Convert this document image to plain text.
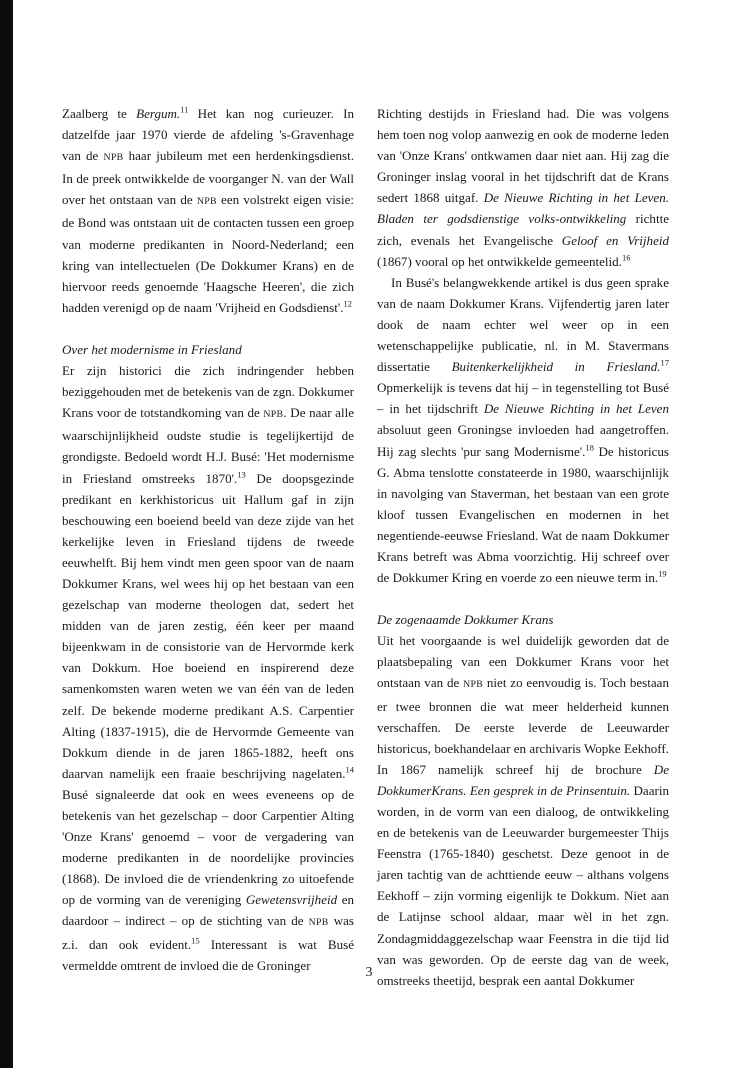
Zaalberg te Bergum.$^{11}$ Het kan nog curieuzer. In datzelfde jaar 1970 vierde de afdeling 's-Gravenhage van de NPB haar jubileum met een herdenkingsdienst. In de preek ontwikkelde de voorganger N. van der Wall over het ontstaan van de NPB een volstrekt eigen visie: de Bond was ontstaan uit de contacten tussen een groep van moderne predikanten in Noord-Nederland; een kring van intellectuelen (De Dokkumer Krans) en de hiervoor reeds genoemde 'Haagsche Heeren', die zich hadden verenigd op de naam 'Vrijheid en Godsdienst'.$^{12}$

Over het modernisme in Friesland

Er zijn historici die zich indringender hebben beziggehouden met de betekenis van de zgn. Dokkumer Krans voor de totstandkoming van de NPB. De naar alle waarschijnlijkheid oudste studie is tegelijkertijd de grondigste. Bedoeld wordt H.J. Busé: 'Het modernisme in Friesland omstreeks 1870'.$^{13}$ De doopsgezinde predikant en kerkhistoricus uit Hallum gaf in zijn beschouwing een boeiend beeld van deze zijde van het kerkelijke leven in Friesland tijdens de tweede eeuwhelft. Bij hem vindt men geen spoor van de naam Dokkumer Krans, wel wees hij op het bestaan van een gezelschap van moderne theologen dat, sedert het midden van de jaren zestig, één keer per maand bijeenkwam in de consistorie van de Hervormde kerk van Dokkum. Hoe boeiend en inspirerend deze samenkomsten waren weten we van één van de leden zelf. De bekende moderne predikant A.S. Carpentier Alting (1837-1915), die de Hervormde Gemeente van Dokkum diende in de jaren 1865-1882, heeft ons daarvan namelijk een fraaie beschrijving nagelaten.$^{14}$ Busé signaleerde dat ook en wees eveneens op de betekenis van het gezelschap – door Carpentier Alting 'Onze Krans' genoemd – voor de vergadering van moderne predikanten in de noordelijke provincies (1868). De invloed die de vriendenkring zo uitoefende op de vorming van de vereniging Gewetensvrijheid en daardoor – indirect – op de stichting van de NPB was z.i. dan ook evident.$^{15}$ Interessant is wat Busé vermeldde omtrent de invloed die de Groninger

Richting destijds in Friesland had. Die was volgens hem toen nog volop aanwezig en ook de moderne leden van 'Onze Krans' ontkwamen daar niet aan. Hij zag die Groninger inslag vooral in het tijdschrift dat de Krans sedert 1868 uitgaf. De Nieuwe Richting in het Leven. Bladen ter godsdienstige volks-ontwikkeling richtte zich, evenals het Evangelische Geloof en Vrijheid (1867) vooral op het ontwikkelde gemeentelid.$^{16}$

In Busé's belangwekkende artikel is dus geen sprake van de naam Dokkumer Krans. Vijfendertig jaren later dook de naam echter wel weer op in een wetenschappelijke publicatie, nl. in M. Stavermans dissertatie Buitenkerkelijkheid in Friesland.$^{17}$ Opmerkelijk is tevens dat hij – in tegenstelling tot Busé – in het tijdschrift De Nieuwe Richting in het Leven absoluut geen Groningse invloeden had aangetroffen. Hij zag slechts 'pur sang Modernisme'.$^{18}$ De historicus G. Abma tenslotte constateerde in 1980, waarschijnlijk in navolging van Staverman, het bestaan van een grote kloof tussen Evangelischen en modernen in het negentiende-eeuwse Friesland. Wat de naam Dokkumer Krans betreft was Abma voorzichtig. Hij schreef over de Dokkumer Kring en voerde zo een nieuwe term in.$^{19}$

De zogenaamde Dokkumer Krans

Uit het voorgaande is wel duidelijk geworden dat de plaatsbepaling van een Dokkumer Krans voor het ontstaan van de NPB niet zo eenvoudig is. Toch bestaan er twee bronnen die wat meer helderheid kunnen verschaffen. De eerste leverde de Leeuwarder historicus, boekhandelaar en archivaris Wopke Eekhoff. In 1867 namelijk schreef hij de brochure De DokkumerKrans. Een gesprek in de Prinsentuin. Daarin worden, in de vorm van een dialoog, de ontwikkeling en de betekenis van de Leeuwarder burgemeester Thijs Feenstra (1765-1840) geschetst. Deze genoot in de jaren tachtig van de achttiende eeuw – althans volgens Eekhoff – zijn vorming eigenlijk te Dokkum. Niet aan de Latijnse school aldaar, maar wèl in het zgn. Zondagmiddaggezelschap waar Feenstra in die tijd lid van was geworden. Op de eerste dag van de week, omstreeks theetijd, besprak een aantal Dokkumer

3
